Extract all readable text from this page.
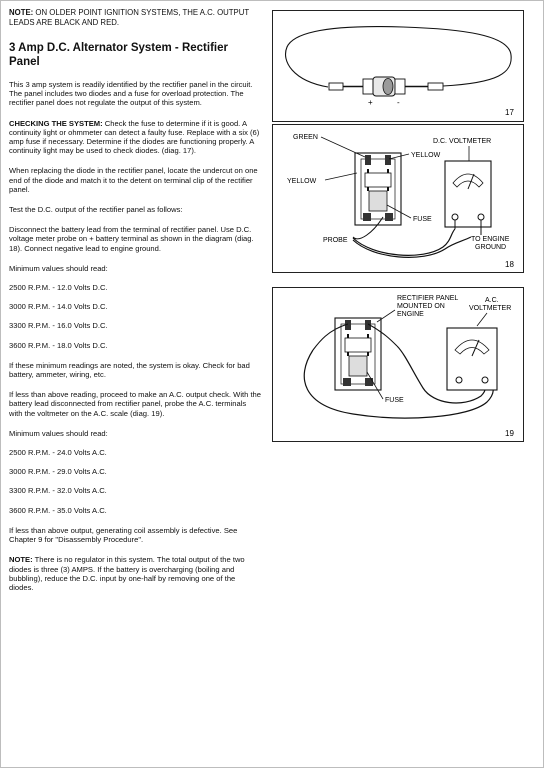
NOTE: ON OLDER POINT IGNITION SYSTEMS, THE A.C. OUTPUT LEADS ARE BLACK AND RED.

3 Amp D.C. Alternator System - Rectifier Panel

This 3 amp system is readily identified by the rectifier panel in the circuit. The panel includes two diodes and a fuse for overload protection. The rectifier panel does not regulate the output of this system.

CHECKING THE SYSTEM: Check the fuse to determine if it is good. A continuity light or ohmmeter can detect a faulty fuse. Replace with a six (6) amp fuse if necessary. Determine if the diodes are functioning properly. A continuity light may be used to check diodes. (diag. 17).

When replacing the diode in the rectifier panel, locate the undercut on one end of the diode and match it to the detent on terminal clip of the rectifier panel.

Test the D.C. output of the rectifier panel as follows:

Disconnect the battery lead from the terminal of rectifier panel. Use D.C. voltage meter probe on + battery terminal as shown in the diagram (diag. 18). Connect negative lead to engine ground.

Minimum values should read:

2500 R.P.M. - 12.0 Volts D.C.

3000 R.P.M. - 14.0 Volts D.C.

3300 R.P.M. - 16.0 Volts D.C.

3600 R.P.M. - 18.0 Volts D.C.

If these minimum readings are noted, the system is okay. Check for bad battery, ammeter, wiring, etc.

If less than above reading, proceed to make an A.C. output check. With the battery lead disconnected from rectifier panel, probe the A.C. terminals with the voltmeter on the A.C. scale (diag. 19).

Minimum values should read:

2500 R.P.M. - 24.0 Volts A.C.

3000 R.P.M. - 29.0 Volts A.C.

3300 R.P.M. - 32.0 Volts A.C.

3600 R.P.M. - 35.0 Volts A.C.

If less than above output, generating coil assembly is defective. See Chapter 9 for "Disassembly Procedure".

NOTE: There is no regulator in this system. The total output of the two diodes is three (3) AMPS. If the battery is overcharging (boiling and bubbling), reduce the D.C. input by one-half by removing one of the diodes.

+	-
17
GREEN
YELLOW
YELLOW
FUSE
PROBE
D.C. VOLTMETER
TO ENGINE
GROUND
18
RECTIFIER PANEL
MOUNTED ON
ENGINE
A.C.
VOLTMETER
FUSE
19
